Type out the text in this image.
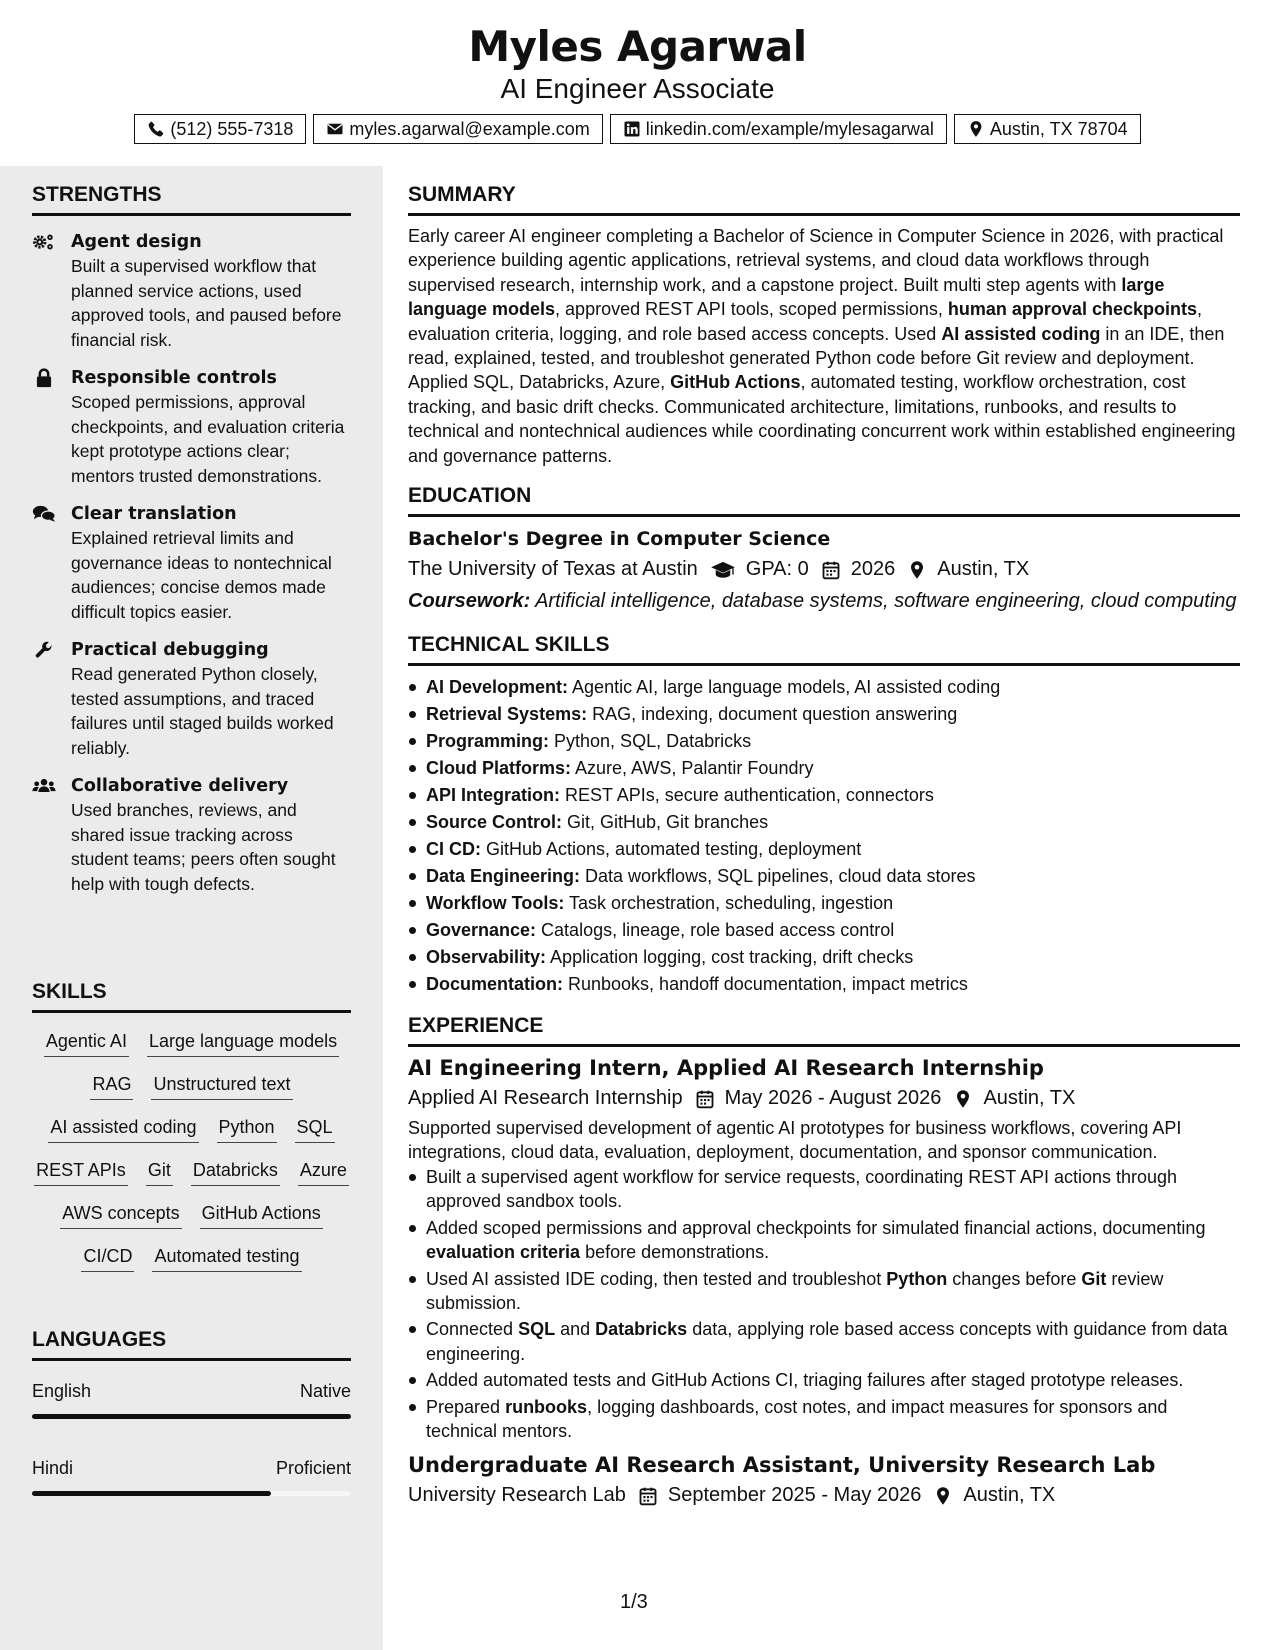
Myles Agarwal
AI Engineer Associate
(512) 555-7318	myles.agarwal@example.com	linkedin.com/example/mylesagarwal	Austin, TX 78704
STRENGTHS
Agent design
Built a supervised workflow that planned service actions, used approved tools, and paused before financial risk.
Responsible controls
Scoped permissions, approval checkpoints, and evaluation criteria kept prototype actions clear; mentors trusted demonstrations.
Clear translation
Explained retrieval limits and governance ideas to nontechnical audiences; concise demos made difficult topics easier.
Practical debugging
Read generated Python closely, tested assumptions, and traced failures until staged builds worked reliably.
Collaborative delivery
Used branches, reviews, and shared issue tracking across student teams; peers often sought help with tough defects.
SKILLS
Agentic AI Large language models
RAG Unstructured text
AI assisted coding Python SQL
REST APIs Git Databricks Azure
AWS concepts GitHub Actions
CI/CD Automated testing
LANGUAGES
English	Native
Hindi	Proficient
SUMMARY
Early career AI engineer completing a Bachelor of Science in Computer Science in 2026, with practical experience building agentic applications, retrieval systems, and cloud data workflows through supervised research, internship work, and a capstone project. Built multi step agents with large language models, approved REST API tools, scoped permissions, human approval checkpoints, evaluation criteria, logging, and role based access concepts. Used AI assisted coding in an IDE, then read, explained, tested, and troubleshot generated Python code before Git review and deployment. Applied SQL, Databricks, Azure, GitHub Actions, automated testing, workflow orchestration, cost tracking, and basic drift checks. Communicated architecture, limitations, runbooks, and results to technical and nontechnical audiences while coordinating concurrent work within established engineering and governance patterns.
EDUCATION
Bachelor's Degree in Computer Science
The University of Texas at Austin GPA: 0 2026 Austin, TX
Coursework: Artificial intelligence, database systems, software engineering, cloud computing
TECHNICAL SKILLS
AI Development: Agentic AI, large language models, AI assisted coding
Retrieval Systems: RAG, indexing, document question answering
Programming: Python, SQL, Databricks
Cloud Platforms: Azure, AWS, Palantir Foundry
API Integration: REST APIs, secure authentication, connectors
Source Control: Git, GitHub, Git branches
CI CD: GitHub Actions, automated testing, deployment
Data Engineering: Data workflows, SQL pipelines, cloud data stores
Workflow Tools: Task orchestration, scheduling, ingestion
Governance: Catalogs, lineage, role based access control
Observability: Application logging, cost tracking, drift checks
Documentation: Runbooks, handoff documentation, impact metrics
EXPERIENCE
AI Engineering Intern, Applied AI Research Internship
Applied AI Research Internship May 2026 - August 2026 Austin, TX
Supported supervised development of agentic AI prototypes for business workflows, covering API integrations, cloud data, evaluation, deployment, documentation, and sponsor communication.
Built a supervised agent workflow for service requests, coordinating REST API actions through approved sandbox tools.
Added scoped permissions and approval checkpoints for simulated financial actions, documenting evaluation criteria before demonstrations.
Used AI assisted IDE coding, then tested and troubleshot Python changes before Git review submission.
Connected SQL and Databricks data, applying role based access concepts with guidance from data engineering.
Added automated tests and GitHub Actions CI, triaging failures after staged prototype releases.
Prepared runbooks, logging dashboards, cost notes, and impact measures for sponsors and technical mentors.
Undergraduate AI Research Assistant, University Research Lab
University Research Lab September 2025 - May 2026 Austin, TX
1/3
